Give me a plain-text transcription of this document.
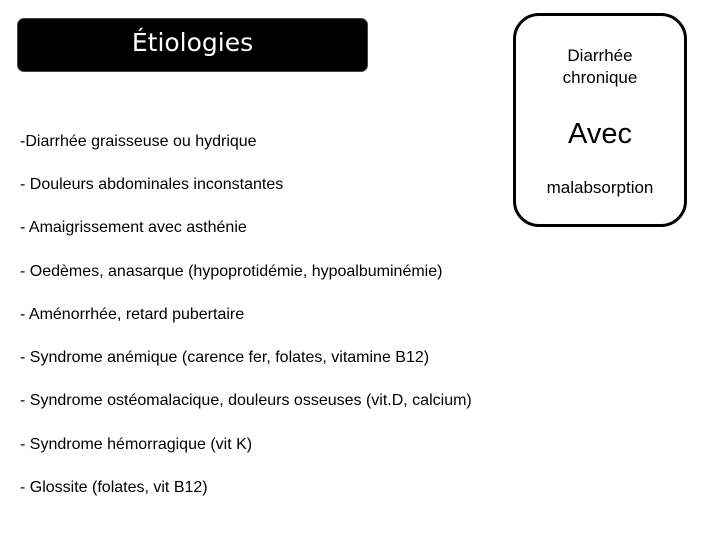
Étiologies	Diarrhée
chronique
Avec
malabsorption
-Diarrhée graisseuse ou hydrique
- Douleurs abdominales inconstantes
- Amaigrissement avec asthénie
- Oedèmes, anasarque (hypoprotidémie, hypoalbuminémie)
- Aménorrhée, retard pubertaire
- Syndrome anémique (carence fer, folates, vitamine B12)
- Syndrome ostéomalacique, douleurs osseuses (vit.D, calcium)
- Syndrome hémorragique (vit K)
- Glossite (folates, vit B12)
